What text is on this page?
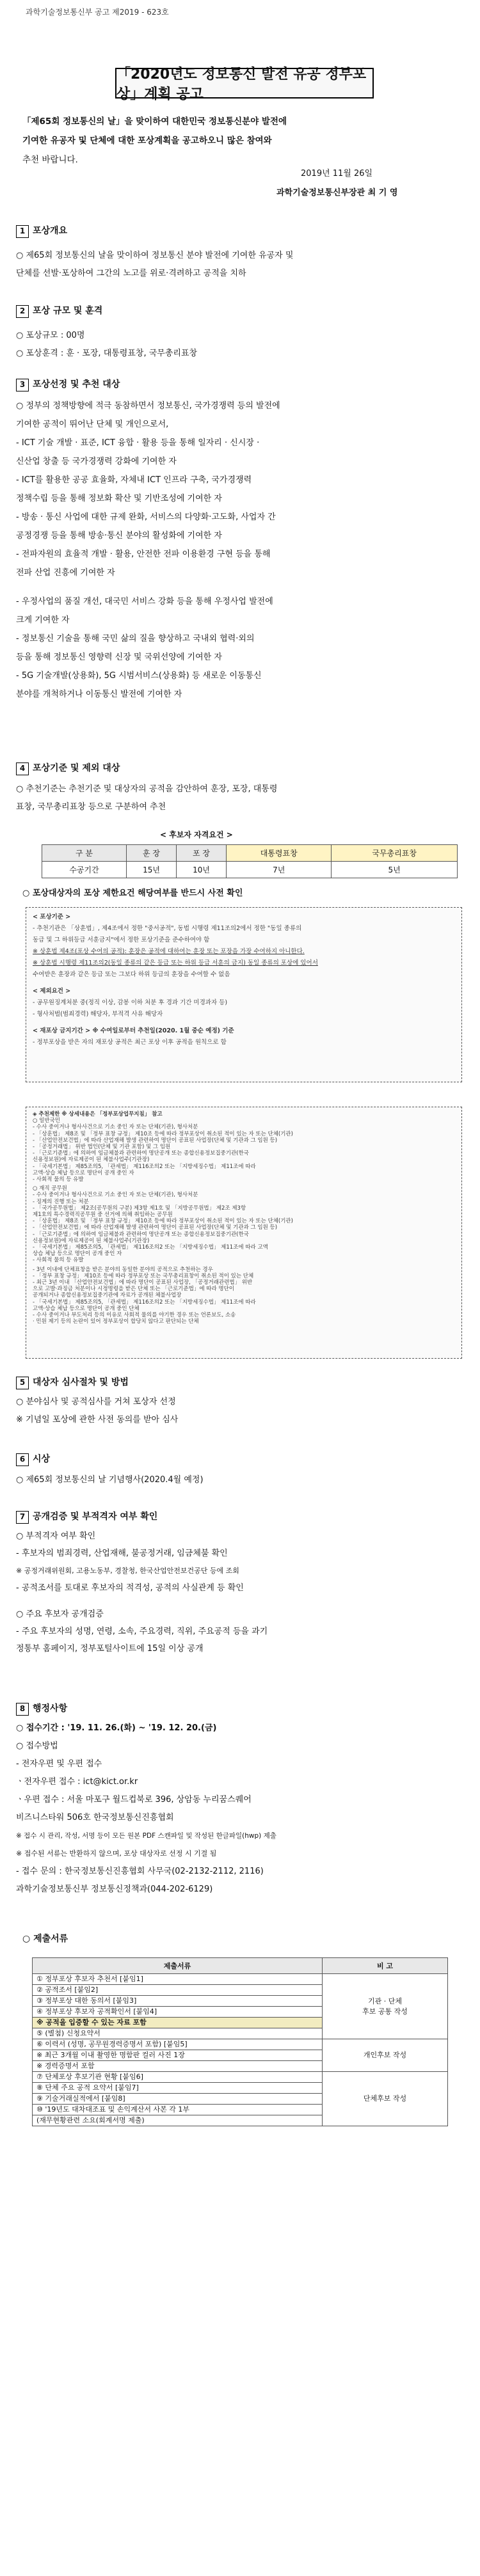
과학기술정보통신부 공고 제2019 - 623호
「2020년도 정보통신 발전 유공 정부포상」계획 공고
「제65회 정보통신의 날」을 맞이하여 대한민국 정보통신분야 발전에
기여한 유공자 및 단체에 대한 포상계획을 공고하오니 많은 참여와
추천 바랍니다.
2019년 11월 26일
과학기술정보통신부장관 최 기 영
1 포상개요
○ 제65회 정보통신의 날을 맞이하여 정보통신 분야 발전에 기여한 유공자 및
단체를 선발·포상하여 그간의 노고를 위로·격려하고 공적을 치하
2 포상 규모 및 훈격
○ 포상규모 : 00명
○ 포상훈격 : 훈 · 포장, 대통령표창, 국무총리표창
3 포상선정 및 추천 대상
○ 정부의 정책방향에 적극 동참하면서 정보통신, 국가경쟁력 등의 발전에
기여한 공적이 뛰어난 단체 및 개인으로서,
- ICT 기술 개발 · 표준, ICT 융합 · 활용 등을 통해 일자리 · 신시장 ·
신산업 창출 등 국가경쟁력 강화에 기여한 자
- ICT를 활용한 공공 효율화, 자체내 ICT 인프라 구축, 국가경쟁력
정책수립 등을 통해 정보화 확산 및 기반조성에 기여한 자
- 방송 · 통신 사업에 대한 규제 완화, 서비스의 다양화·고도화, 사업자 간
공정경쟁 등을 통해 방송·통신 분야의 활성화에 기여한 자
- 전파자원의 효율적 개발 · 활용, 안전한 전파 이용환경 구현 등을 통해
전파 산업 진흥에 기여한 자
- 우정사업의 품질 개선, 대국민 서비스 강화 등을 통해 우정사업 발전에
크게 기여한 자
- 정보통신 기술을 통해 국민 삶의 질을 향상하고 국내외 협력·외의
등을 통해 정보통신 영향력 신장 및 국위선양에 기여한 자
- 5G 기술개발(상용화), 5G 시범서비스(상용화) 등 새로운 이동통신
분야를 개척하거나 이동통신 발전에 기여한 자
4 포상기준 및 제외 대상
○ 추천기준는 추천기준 및 대상자의 공적을 감안하여 훈장, 포장, 대통령
표창, 국무총리표창 등으로 구분하여 추천
< 후보자 자격요건 >
구 분	훈 장	포 장	대통령표창	국무총리표창
수공기간	15년	10년	7년	5년
○ 포상대상자의 포상 제한요건 해당여부를 반드시 사전 확인
< 포상기준 >
- 추천기관은 「상훈법」, 제4조에서 정한 "중서공적", 동법 시행령 제11조의2에서 정한 "동일 종류의
동급 및 그 하위등급 서훈금지"에서 정한 포상기준을 준수하여야 함
※ 상훈법 제4조(포상 수여의 공적): 훈장은 공적에 대하여는 훈장 또는 포장을 가장 수여하지 아니한다.
※ 상훈법 시행령 제11조의2(동일 종류의 같은 등급 또는 하위 등급 서훈의 금지) 동일 종류의 포상에 있어서
수여받은 훈장과 같은 등급 또는 그보다 하위 등급의 훈장을 수여할 수 없음
< 제외요건 >
- 공무원징계처분 중(정직 이상, 감봉 이하 처분 후 경과 기간 미경과자 등)
- 형사처벌(범죄경력) 해당자, 부적격 사유 해당자
< 재포상 금지기간 > ※ 수여일로부터 추천일(2020. 1월 중순 예정) 기준
- 정부포상을 받은 자의 재포상 공적은 최근 포상 이후 공적을 원칙으로 함
◈ 추천제한 ※ 상세내용은 「정부포상업무지침」 참고
○ 일반국민
- 수사 중이거나 형사사건으로 기소 중인 자 또는 단체(기관), 형사처분
- 「상훈법」 제8조 및 「정부 표창 규정」 제10조 등에 따라 정부포상이 취소된 적이 있는 자 또는 단체(기관)
- 「산업안전보건법」에 따라 산업재해 발생 관련하여 명단이 공표된 사업장(단체 및 기관과 그 임원 등)
- 「공정거래법」 위반 법인(단체 및 기관 포함) 및 그 임원
- 「근로기준법」에 의하여 임금체불과 관련하여 명단공개 또는 종합신용정보집중기관(한국
신용정보원)에 자료제공이 된 체불사업주(기관장)
- 「국세기본법」 제85조의5, 「관세법」 제116조의2 또는 「지방세징수법」 제11조에 따라
고액·상습 체납 등으로 명단이 공개 중인 자
- 사회적 물의 등 유발
○ 재직 공무원
- 수사 중이거나 형사사건으로 기소 중인 자 또는 단체(기관), 형사처분
- 징계의 진행 또는 처분
- 「국가공무원법」 제2조(공무원의 구분) 제3항 제1호 및 「지방공무원법」 제2조 제3항
제1호의 특수경력직공무원 중 선거에 의해 취임하는 공무원
- 「상훈법」 제8조 및 「정부 표창 규정」 제10조 등에 따라 정부포상이 취소된 적이 있는 자 또는 단체(기관)
- 「산업안전보건법」에 따라 산업재해 발생 관련하여 명단이 공표된 사업장(단체 및 기관과 그 임원 등)
- 「근로기준법」에 의하여 임금체불과 관련하여 명단공개 또는 종합신용정보집중기관(한국
신용정보원)에 자료제공이 된 체불사업주(기관장)
- 「국세기본법」 제85조의5, 「관세법」 제116조의2 또는 「지방세징수법」 제11조에 따라 고액
상습 체납 등으로 명단이 공개 중인 자
- 사회적 물의 등 유발
- 3년 이내에 단체표창을 받은 분야의 동일한 분야의 공적으로 추천하는 경우
- 「정부 표창 규정」 제10조 등에 따라 정부포상 또는 국무총리표창이 취소된 적이 있는 단체
- 최근 3년 이내 「산업안전보건법」에 따라 명단이 공표된 사업장, 「공정거래관련법」 위반
으로 고발·과징금 처분이나 시정명령을 받은 단체 또는 「근로기준법」에 따라 명단이
공개되거나 종합신용정보집중기관에 자료가 공개된 체불사업장
- 「국세기본법」 제85조의5, 「관세법」 제116조의2 또는 「지방세징수법」 제11조에 따라
고액·상습 체납 등으로 명단이 공개 중인 단체
- 수사 중이거나 부도처리 등의 이유로 사회적 물의를 야기한 경우 또는 언론보도, 소송
· 민원 제기 등의 논란이 있어 정부포상이 합당치 않다고 판단되는 단체
5 대상자 심사절차 및 방법
○ 분야심사 및 공적심사를 거쳐 포상자 선정
※ 기념일 포상에 관한 사전 동의를 받아 심사
6 시상
○ 제65회 정보통신의 날 기념행사(2020.4월 예정)
7 공개검증 및 부적격자 여부 확인
○ 부적격자 여부 확인
- 후보자의 범죄경력, 산업재해, 불공정거래, 임금체불 확인
※ 공정거래위원회, 고용노동부, 경찰청, 한국산업안전보건공단 등에 조회
- 공적조서를 토대로 후보자의 적격성, 공적의 사실관계 등 확인
○ 주요 후보자 공개검증
- 주요 후보자의 성명, 연령, 소속, 주요경력, 직위, 주요공적 등을 과기
정통부 홈페이지, 정부포털사이트에 15일 이상 공개
8 행정사항
○ 접수기간 : '19. 11. 26.(화) ~ '19. 12. 20.(금)
○ 접수방법
- 전자우편 및 우편 접수
ㆍ전자우편 접수 : ict@kict.or.kr
ㆍ우편 접수 : 서울 마포구 월드컵북로 396, 상암동 누리꿈스퀘어
비즈니스타워 506호 한국정보통신진흥협회
※ 접수 시 관리, 작성, 서명 등이 모든 원본 PDF 스캔파일 및 작성된 한글파일(hwp) 제출
※ 접수된 서류는 반환하지 않으며, 포상 대상자로 선정 시 기결 됨
- 접수 문의 : 한국정보통신진흥협회 사무국(02-2132-2112, 2116)
과학기술정보통신부 정보통신정책과(044-202-6129)
○ 제출서류
제출서류	비 고
① 정부포상 후보자 추천서 [붙임1]	기관 · 단체
후보 공통 작성
② 공적조서 [붙임2]	
③ 정부포상 대한 동의서 [붙임3]	
④ 정부포상 후보자 공적확인서 [붙임4]	
※ 공적을 입증할 수 있는 자료 포함	
⑤ (별첨) 신청요약서	
⑥ 이력서 (성명, 공무원경력증명서 포함) [붙임5]	개인후보 작성
※ 최근 3개월 이내 촬영한 명함판 컬러 사진 1장	
※ 경력증명서 포함	
⑦ 단체포상 후보기관 현황 [붙임6]	단체후보 작성
⑧ 단체 주요 공적 요약서 [붙임7]	
⑨ 기술거래실적에서 [붙임8]	
⑩ '19년도 대차대조표 및 손익계산서 사본 각 1부	
(재무현황관련 소요(회계서명 제출)	
